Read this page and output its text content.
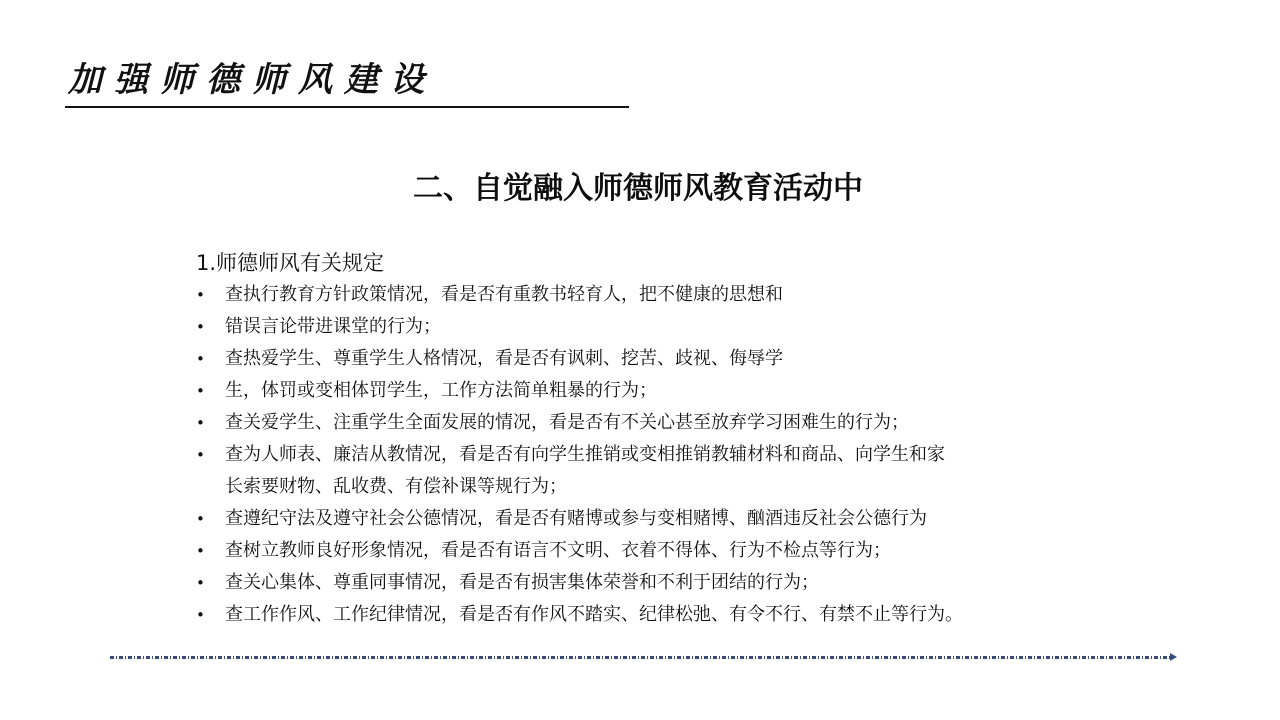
加强师德师风建设
二、自觉融入师德师风教育活动中
1.师德师风有关规定
• 查执行教育方针政策情况，看是否有重教书轻育人，把不健康的思想和
• 错误言论带进课堂的行为；
• 查热爱学生、尊重学生人格情况，看是否有讽刺、挖苦、歧视、侮辱学
• 生，体罚或变相体罚学生，工作方法简单粗暴的行为；
• 查关爱学生、注重学生全面发展的情况，看是否有不关心甚至放弃学习困难生的行为；
• 查为人师表、廉洁从教情况，看是否有向学生推销或变相推销教辅材料和商品、向学生和家
长索要财物、乱收费、有偿补课等规行为；
• 查遵纪守法及遵守社会公德情况，看是否有赌博或参与变相赌博、酗酒违反社会公德行为
• 查树立教师良好形象情况，看是否有语言不文明、衣着不得体、行为不检点等行为；
• 查关心集体、尊重同事情况，看是否有损害集体荣誉和不利于团结的行为；
• 查工作作风、工作纪律情况，看是否有作风不踏实、纪律松弛、有令不行、有禁不止等行为。
